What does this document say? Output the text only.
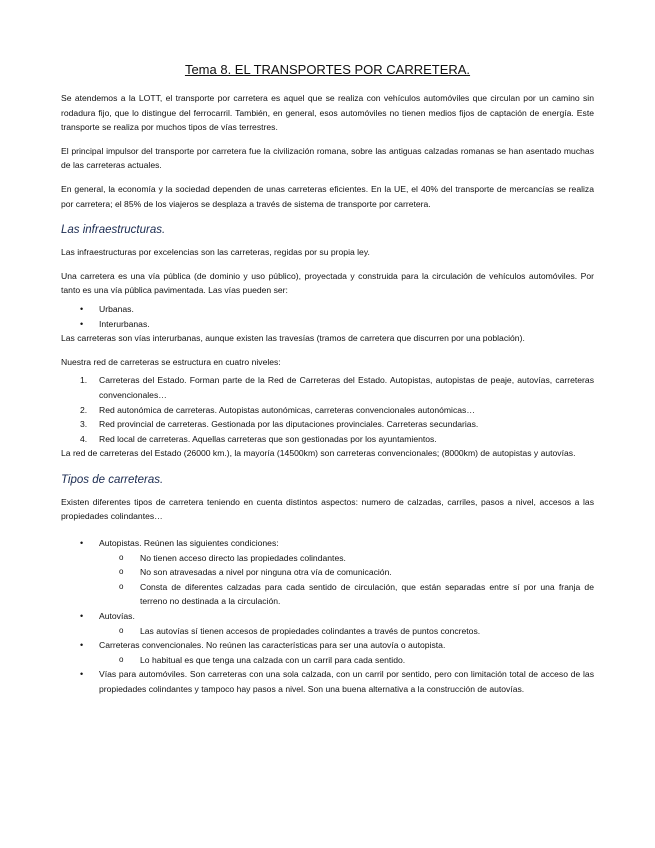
Tema 8. EL TRANSPORTES POR CARRETERA.

Se atendemos a la LOTT, el transporte por carretera es aquel que se realiza con vehículos automóviles que circulan por un camino sin rodadura fijo, que lo distingue del ferrocarril. También, en general, esos automóviles no tienen medios fijos de captación de energía. Este transporte se realiza por muchos tipos de vías terrestres.

El principal impulsor del transporte por carretera fue la civilización romana, sobre las antiguas calzadas romanas se han asentado muchas de las carreteras actuales.

En general, la economía y la sociedad dependen de unas carreteras eficientes. En la UE, el 40% del transporte de mercancías se realiza por carretera; el 85% de los viajeros se desplaza a través de sistema de transporte por carretera.

Las infraestructuras.

Las infraestructuras por excelencias son las carreteras, regidas por su propia ley.

Una carretera es una vía pública (de dominio y uso público), proyectada y construida para la circulación de vehículos automóviles. Por tanto es una vía pública pavimentada. Las vías pueden ser:

• Urbanas.
• Interurbanas.

Las carreteras son vías interurbanas, aunque existen las travesías (tramos de carretera que discurren por una población).

Nuestra red de carreteras se estructura en cuatro niveles:

1. Carreteras del Estado. Forman parte de la Red de Carreteras del Estado. Autopistas, autopistas de peaje, autovías, carreteras convencionales…
2. Red autonómica de carreteras. Autopistas autonómicas, carreteras convencionales autonómicas…
3. Red provincial de carreteras. Gestionada por las diputaciones provinciales. Carreteras secundarias.
4. Red local de carreteras. Aquellas carreteras que son gestionadas por los ayuntamientos.

La red de carreteras del Estado (26000 km.), la mayoría (14500km) son carreteras convencionales; (8000km) de autopistas y autovías.

Tipos de carreteras.

Existen diferentes tipos de carretera teniendo en cuenta distintos aspectos: numero de calzadas, carriles, pasos a nivel, accesos a las propiedades colindantes…

• Autopistas. Reúnen las siguientes condiciones:
o No tienen acceso directo las propiedades colindantes.
o No son atravesadas a nivel por ninguna otra vía de comunicación.
o Consta de diferentes calzadas para cada sentido de circulación, que están separadas entre sí por una franja de terreno no destinada a la circulación.
• Autovías.
o Las autovías sí tienen accesos de propiedades colindantes a través de puntos concretos.
• Carreteras convencionales. No reúnen las características para ser una autovía o autopista.
o Lo habitual es que tenga una calzada con un carril para cada sentido.
• Vías para automóviles. Son carreteras con una sola calzada, con un carril por sentido, pero con limitación total de acceso de las propiedades colindantes y tampoco hay pasos a nivel. Son una buena alternativa a la construcción de autovías.
